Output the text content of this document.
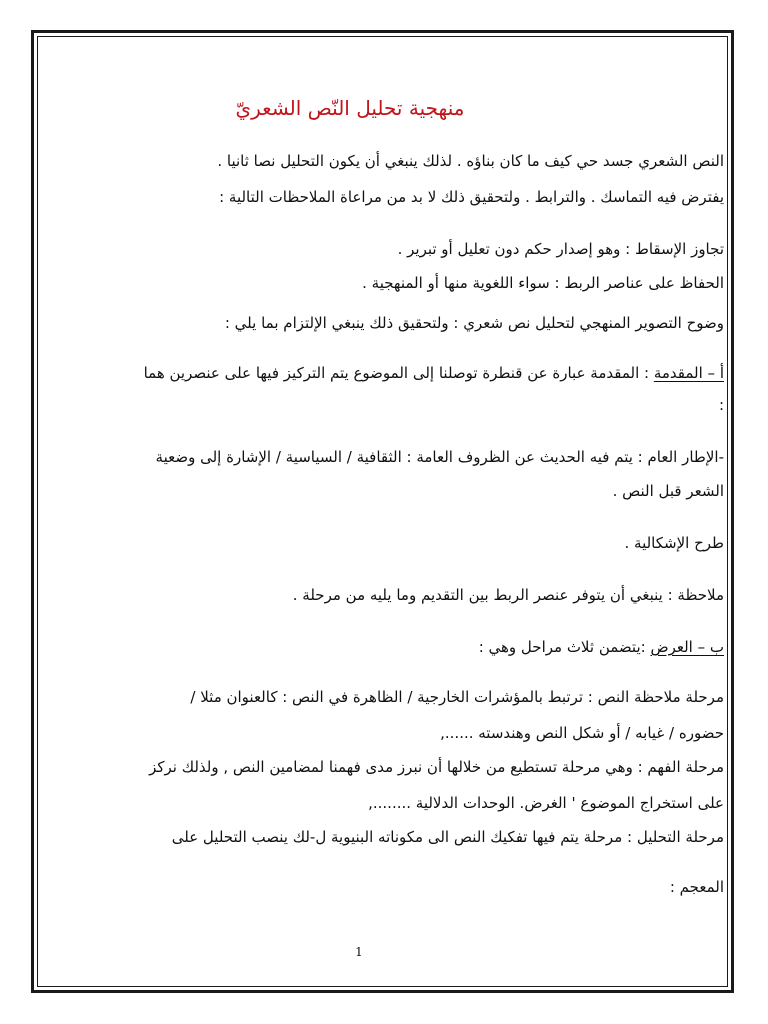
منهجية تحليل النّص الشعريّ
النص الشعري جسد حي كيف ما كان بناؤه . لذلك ينبغي أن يكون التحليل نصا ثانيا .
يفترض فيه التماسك . والترابط . ولتحقيق ذلك لا بد من مراعاة الملاحظات التالية :
تجاوز الإسقاط : وهو إصدار حكم دون تعليل أو تبرير .
الحفاظ على عناصر الربط : سواء اللغوية منها أو المنهجية .
وضوح التصوير المنهجي لتحليل نص شعري : ولتحقيق ذلك ينبغي الإلتزام بما يلي :
أ – المقدمة : المقدمة عبارة عن قنطرة توصلنا إلى الموضوع يتم التركيز فيها على عنصرين هما
:
-الإطار العام : يتم فيه الحديث عن الظروف العامة : الثقافية / السياسية / الإشارة إلى وضعية
الشعر قبل النص .
طرح الإشكالية .
ملاحظة : ينبغي أن يتوفر عنصر الربط بين التقديم وما يليه من مرحلة .
ب – العرض :يتضمن ثلاث مراحل وهي :
مرحلة ملاحظة النص : ترتبط بالمؤشرات الخارجية / الظاهرة في النص : كالعنوان مثلا /
حضوره / غيابه / أو شكل النص وهندسته ......,
مرحلة الفهم : وهي مرحلة تستطيع من خلالها أن نبرز مدى فهمنا لمضامين النص , ولذلك نركز
على استخراج الموضوع ' الغرض. الوحدات الدلالية ........,
مرحلة التحليل : مرحلة يتم فيها تفكيك النص الى مكوناته البنيوية ل-لك ينصب التحليل على
المعجم :
1
